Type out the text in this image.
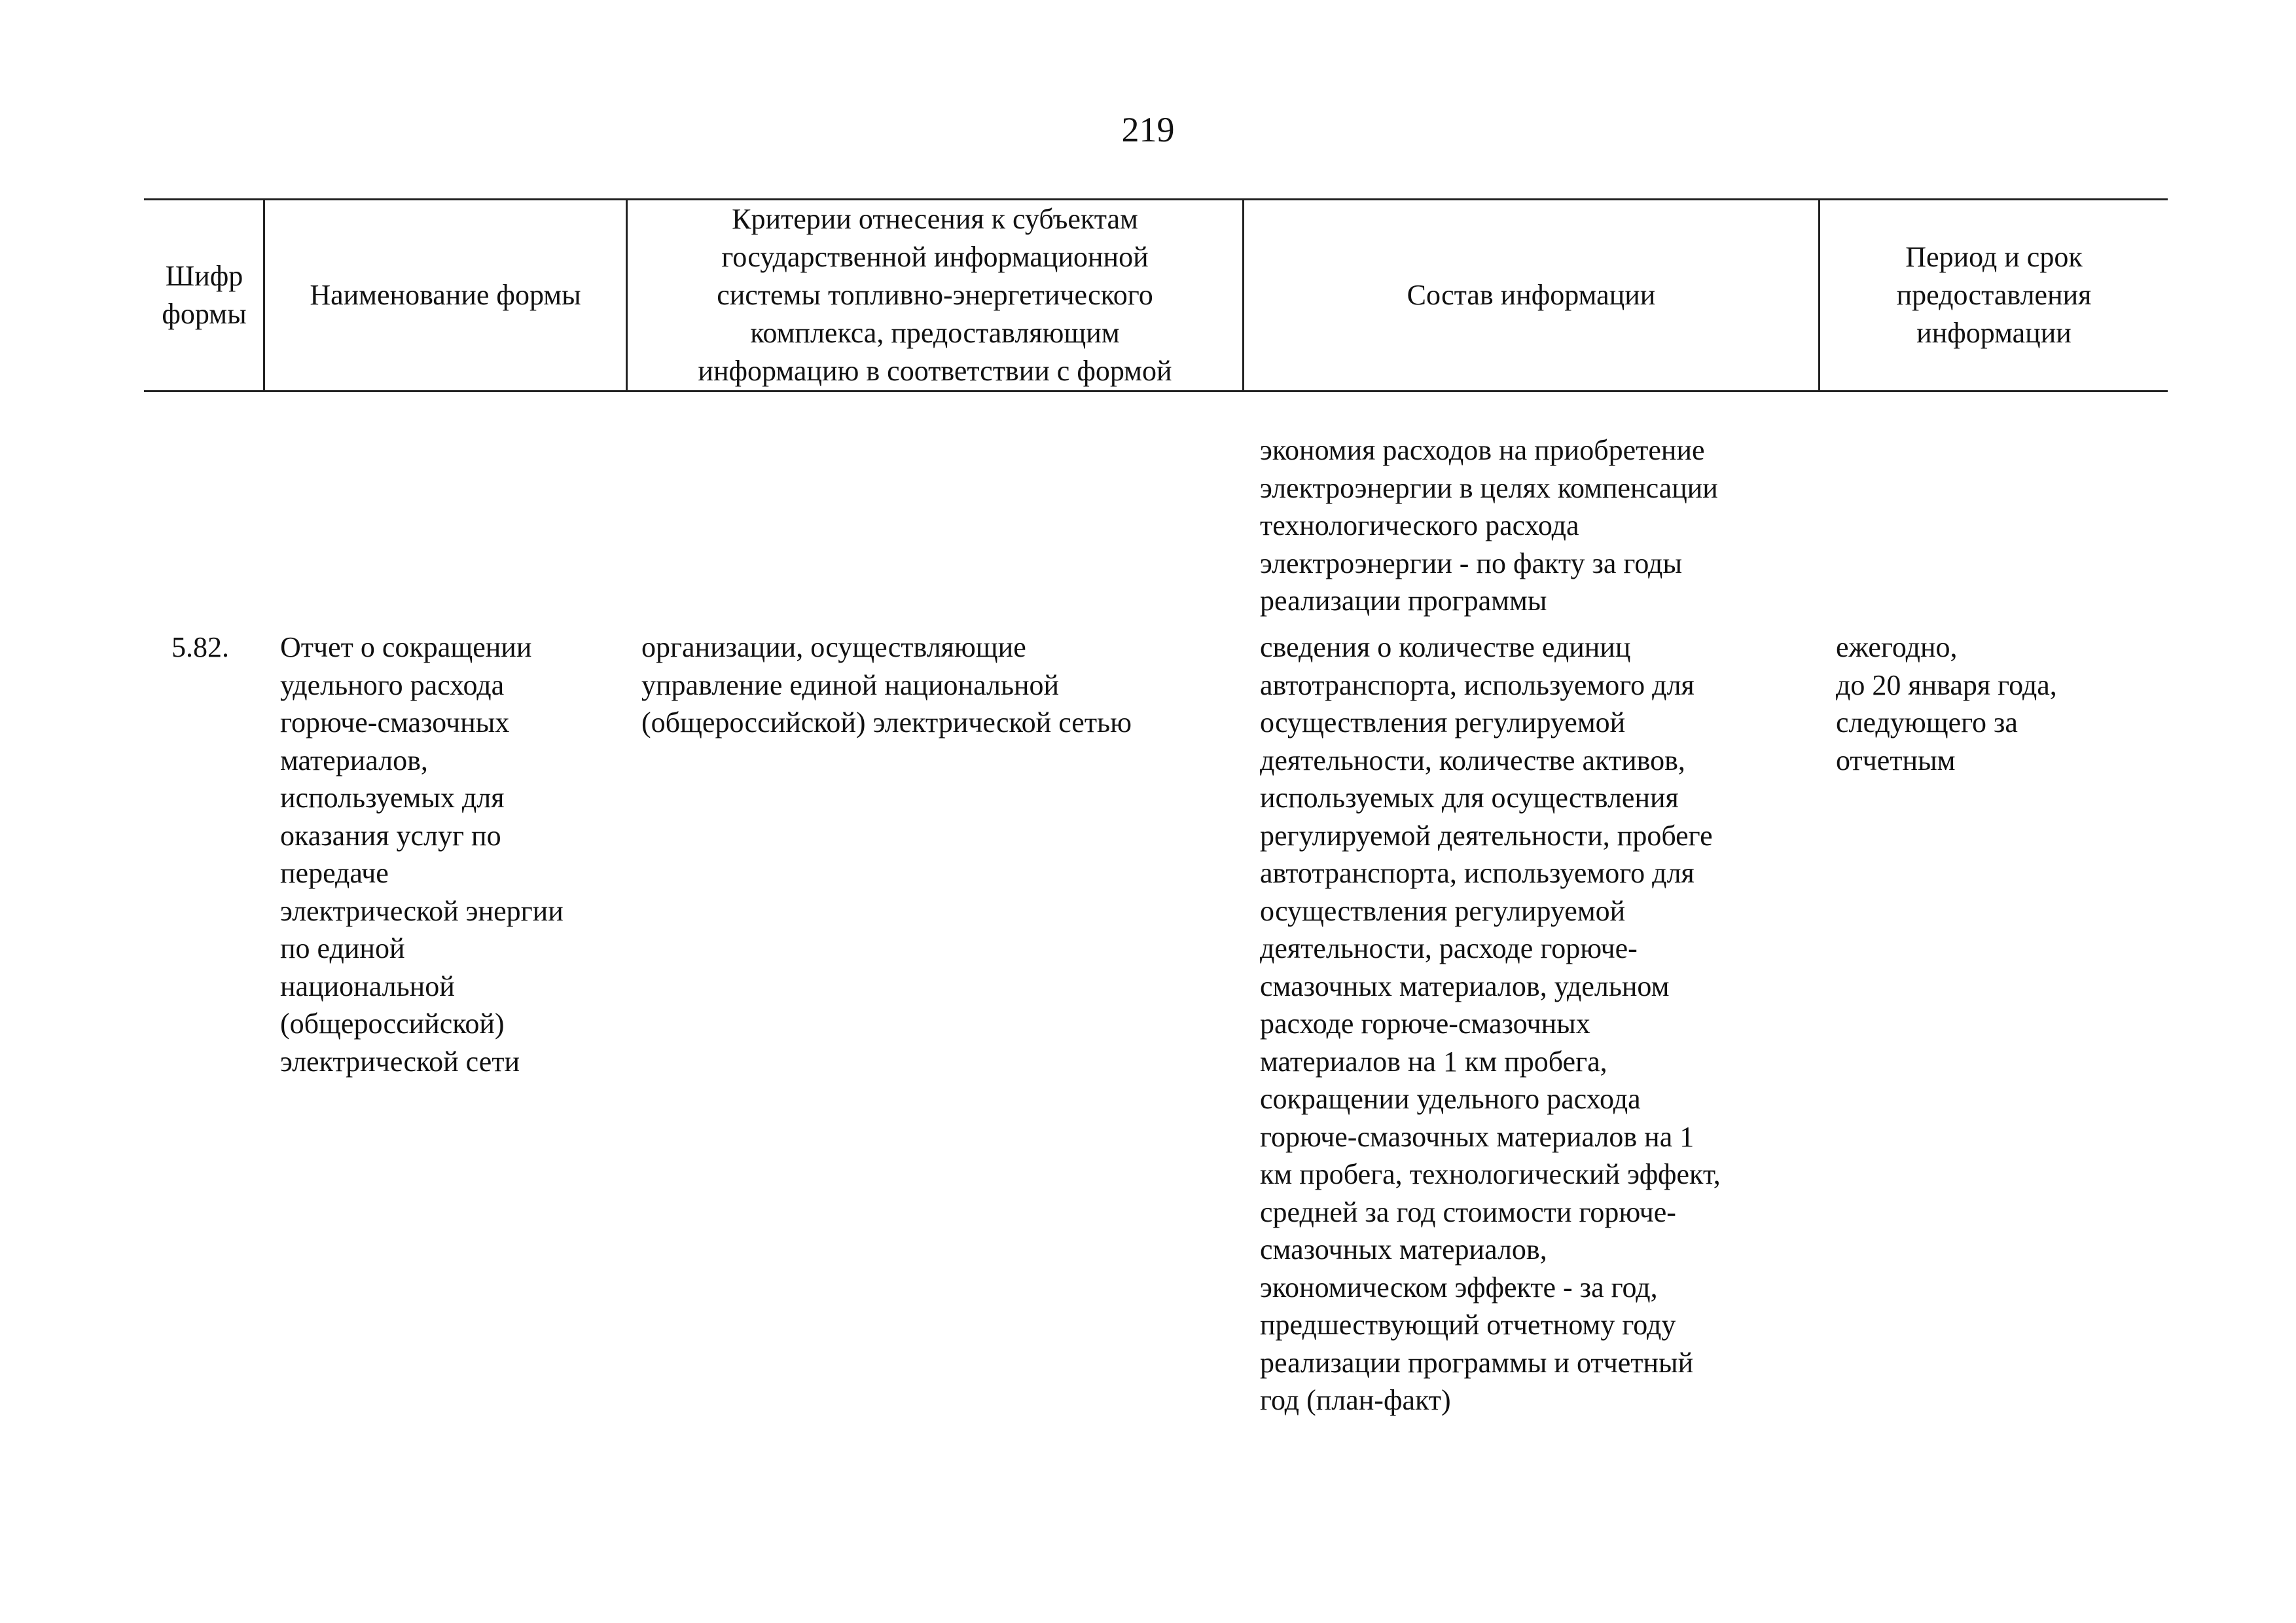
219
Шифр
формы
Наименование формы
Критерии отнесения к субъектам
государственной информационной
системы топливно-энергетического
комплекса, предоставляющим
информацию в соответствии с формой
Состав информации
Период и срок
предоставления
информации
экономия расходов на приобретение
электроэнергии в целях компенсации
технологического расхода
электроэнергии - по факту за годы
реализации программы
5.82. Отчет о сокращении
удельного расхода
горюче-смазочных
материалов,
используемых для
оказания услуг по
передаче
электрической энергии
по единой
национальной
(общероссийской)
электрической сети
организации, осуществляющие
управление единой национальной
(общероссийской) электрической сетью
сведения о количестве единиц
автотранспорта, используемого для
осуществления регулируемой
деятельности, количестве активов,
используемых для осуществления
регулируемой деятельности, пробеге
автотранспорта, используемого для
осуществления регулируемой
деятельности, расходе горюче-
смазочных материалов, удельном
расходе горюче-смазочных
материалов на 1 км пробега,
сокращении удельного расхода
горюче-смазочных материалов на 1
км пробега, технологический эффект,
средней за год стоимости горюче-
смазочных материалов,
экономическом эффекте - за год,
предшествующий отчетному году
реализации программы и отчетный
год (план-факт)
ежегодно,
до 20 января года,
следующего за
отчетным
